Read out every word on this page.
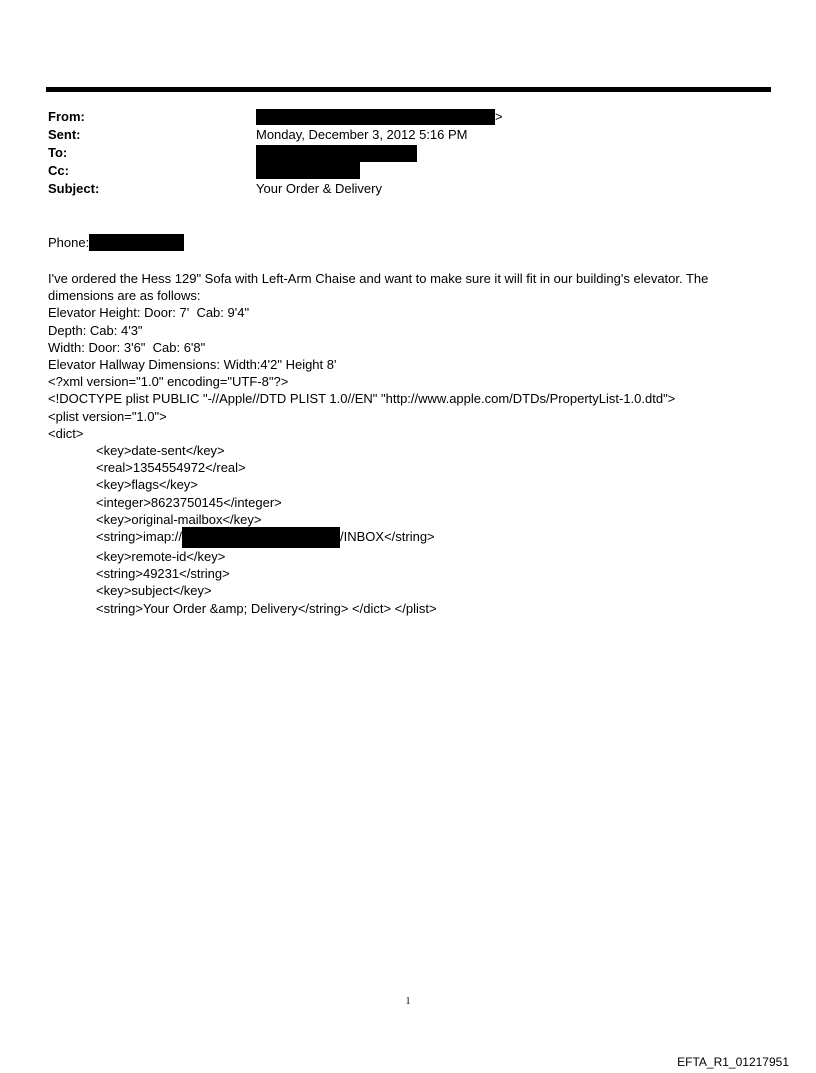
From:	>
Sent:	Monday, December 3, 2012 5:16 PM
To:
Cc:
Subject:	Your Order & Delivery
Phone:
I've ordered the Hess 129" Sofa with Left-Arm Chaise and want to make sure it will fit in our building's elevator. The
dimensions are as follows:
Elevator Height: Door: 7'  Cab: 9'4"
Depth: Cab: 4'3"
Width: Door: 3'6"  Cab: 6'8"
Elevator Hallway Dimensions: Width:4'2" Height 8'
<?xml version="1.0" encoding="UTF-8"?>
<!DOCTYPE plist PUBLIC "-//Apple//DTD PLIST 1.0//EN" "http://www.apple.com/DTDs/PropertyList-1.0.dtd">
<plist version="1.0">
<dict>
<key>date-sent</key>
<real>1354554972</real>
<key>flags</key>
<integer>8623750145</integer>
<key>original-mailbox</key>
<string>imap://	/INBOX</string>
<key>remote-id</key>
<string>49231</string>
<key>subject</key>
<string>Your Order &amp; Delivery</string> </dict> </plist>
1
EFTA_R1_01217951
